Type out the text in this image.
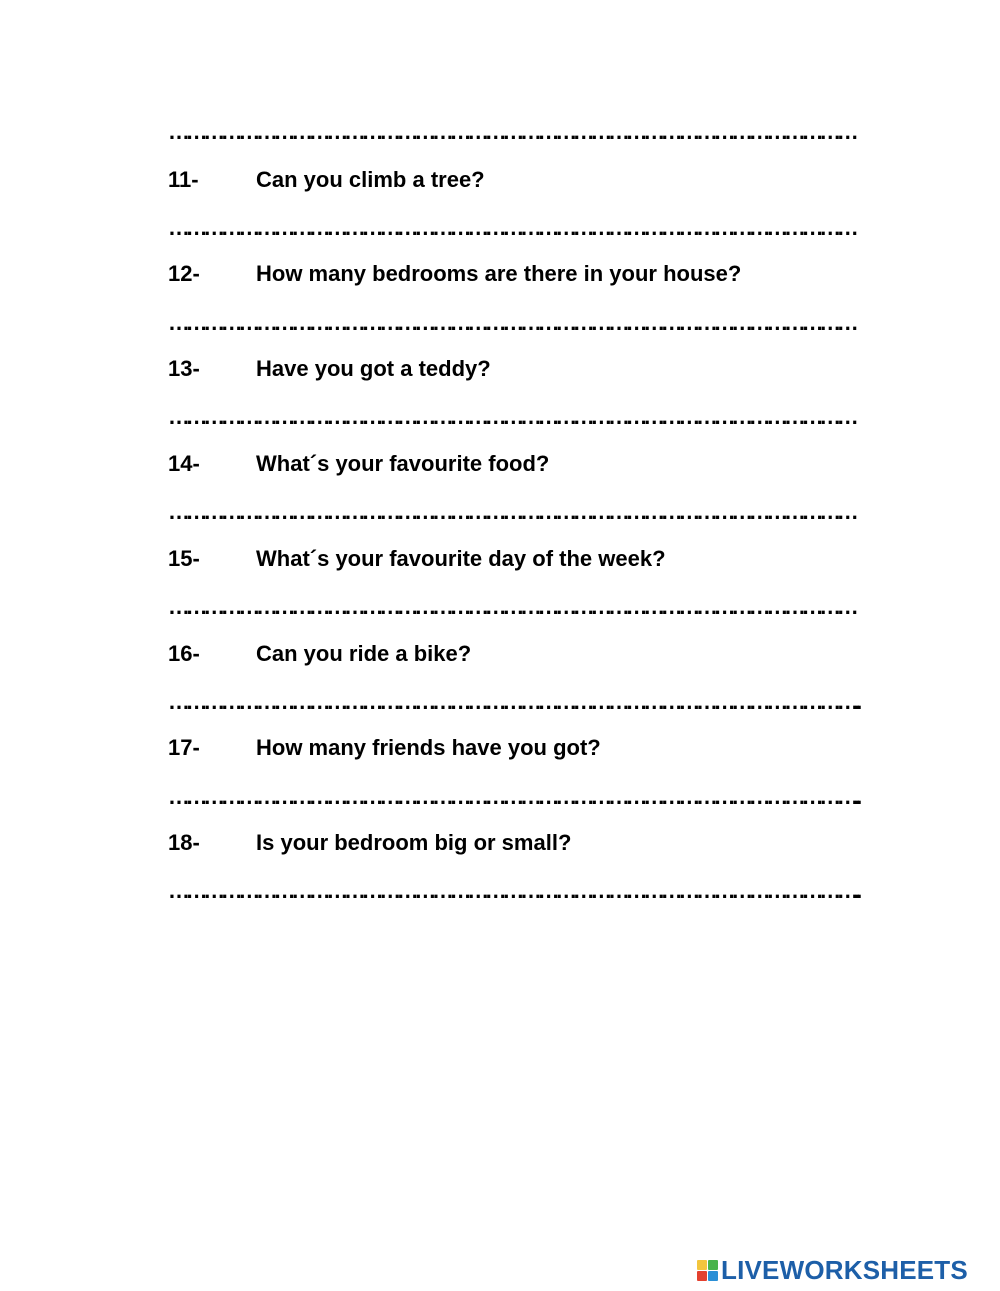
………………………………………………………………………………………………………
11-	Can you climb a tree?
………………………………………………………………………………………………………
12-	How many bedrooms are there in your house?
………………………………………………………………………………………………………
13-	Have you got a teddy?
………………………………………………………………………………………………………
14-	What´s your favourite food?
………………………………………………………………………………………………………
15-	What´s your favourite day of the week?
………………………………………………………………………………………………………
16-	Can you ride a bike?
………………………………………………………………………………………………………..
17-	How many friends have you got?
………………………………………………………………………………………………………..
18-	Is your bedroom big or small?
………………………………………………………………………………………………………..
LIVEWORKSHEETS
